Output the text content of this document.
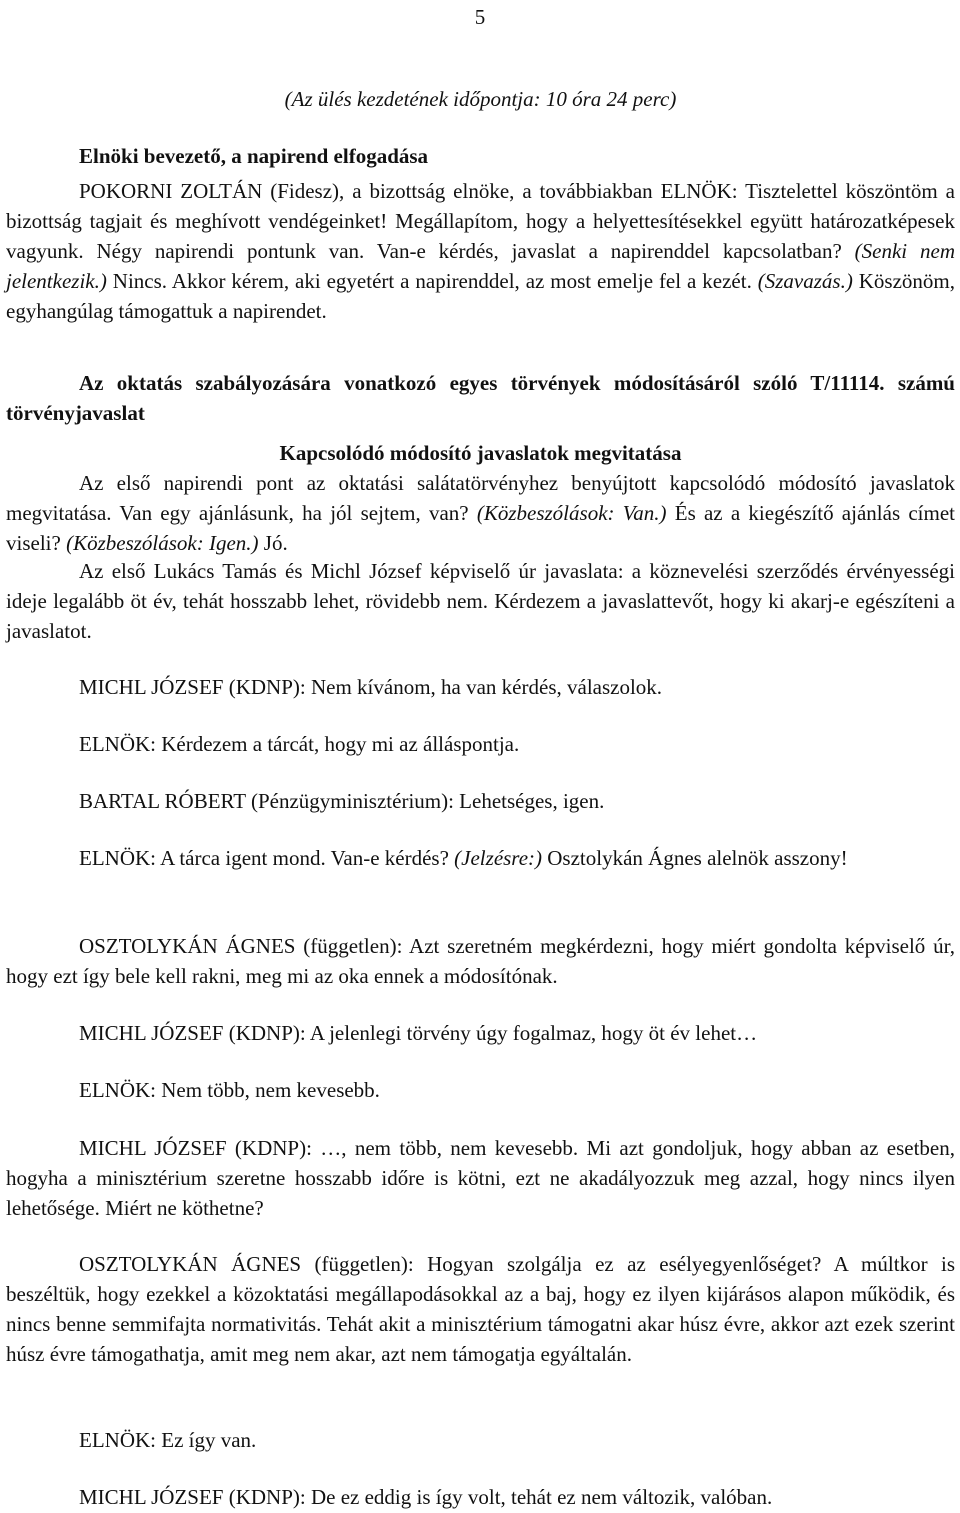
5

(Az ülés kezdetének időpontja: 10 óra 24 perc)

Elnöki bevezető, a napirend elfogadása

POKORNI ZOLTÁN (Fidesz), a bizottság elnöke, a továbbiakban ELNÖK: Tisztelettel köszöntöm a bizottság tagjait és meghívott vendégeinket! Megállapítom, hogy a helyettesítésekkel együtt határozatképesek vagyunk. Négy napirendi pontunk van. Van-e kérdés, javaslat a napirenddel kapcsolatban? (Senki nem jelentkezik.) Nincs. Akkor kérem, aki egyetért a napirenddel, az most emelje fel a kezét. (Szavazás.) Köszönöm, egyhangúlag támogattuk a napirendet.

Az oktatás szabályozására vonatkozó egyes törvények módosításáról szóló T/11114. számú törvényjavaslat

Kapcsolódó módosító javaslatok megvitatása

Az első napirendi pont az oktatási salátatörvényhez benyújtott kapcsolódó módosító javaslatok megvitatása. Van egy ajánlásunk, ha jól sejtem, van? (Közbeszólások: Van.) És az a kiegészítő ajánlás címet viseli? (Közbeszólások: Igen.) Jó.

Az első Lukács Tamás és Michl József képviselő úr javaslata: a köznevelési szerződés érvényességi ideje legalább öt év, tehát hosszabb lehet, rövidebb nem. Kérdezem a javaslattevőt, hogy ki akarj-e egészíteni a javaslatot.

MICHL JÓZSEF (KDNP): Nem kívánom, ha van kérdés, válaszolok.

ELNÖK: Kérdezem a tárcát, hogy mi az álláspontja.

BARTAL RÓBERT (Pénzügyminisztérium): Lehetséges, igen.

ELNÖK: A tárca igent mond. Van-e kérdés? (Jelzésre:) Osztolykán Ágnes alelnök asszony!

OSZTOLYKÁN ÁGNES (független): Azt szeretném megkérdezni, hogy miért gondolta képviselő úr, hogy ezt így bele kell rakni, meg mi az oka ennek a módosítónak.

MICHL JÓZSEF (KDNP): A jelenlegi törvény úgy fogalmaz, hogy öt év lehet…

ELNÖK: Nem több, nem kevesebb.

MICHL JÓZSEF (KDNP): …, nem több, nem kevesebb. Mi azt gondoljuk, hogy abban az esetben, hogyha a minisztérium szeretne hosszabb időre is kötni, ezt ne akadályozzuk meg azzal, hogy nincs ilyen lehetősége. Miért ne köthetne?

OSZTOLYKÁN ÁGNES (független): Hogyan szolgálja ez az esélyegyenlőséget? A múltkor is beszéltük, hogy ezekkel a közoktatási megállapodásokkal az a baj, hogy ez ilyen kijárásos alapon működik, és nincs benne semmifajta normativitás. Tehát akit a minisztérium támogatni akar húsz évre, akkor azt ezek szerint húsz évre támogathatja, amit meg nem akar, azt nem támogatja egyáltalán.

ELNÖK: Ez így van.

MICHL JÓZSEF (KDNP): De ez eddig is így volt, tehát ez nem változik, valóban.
